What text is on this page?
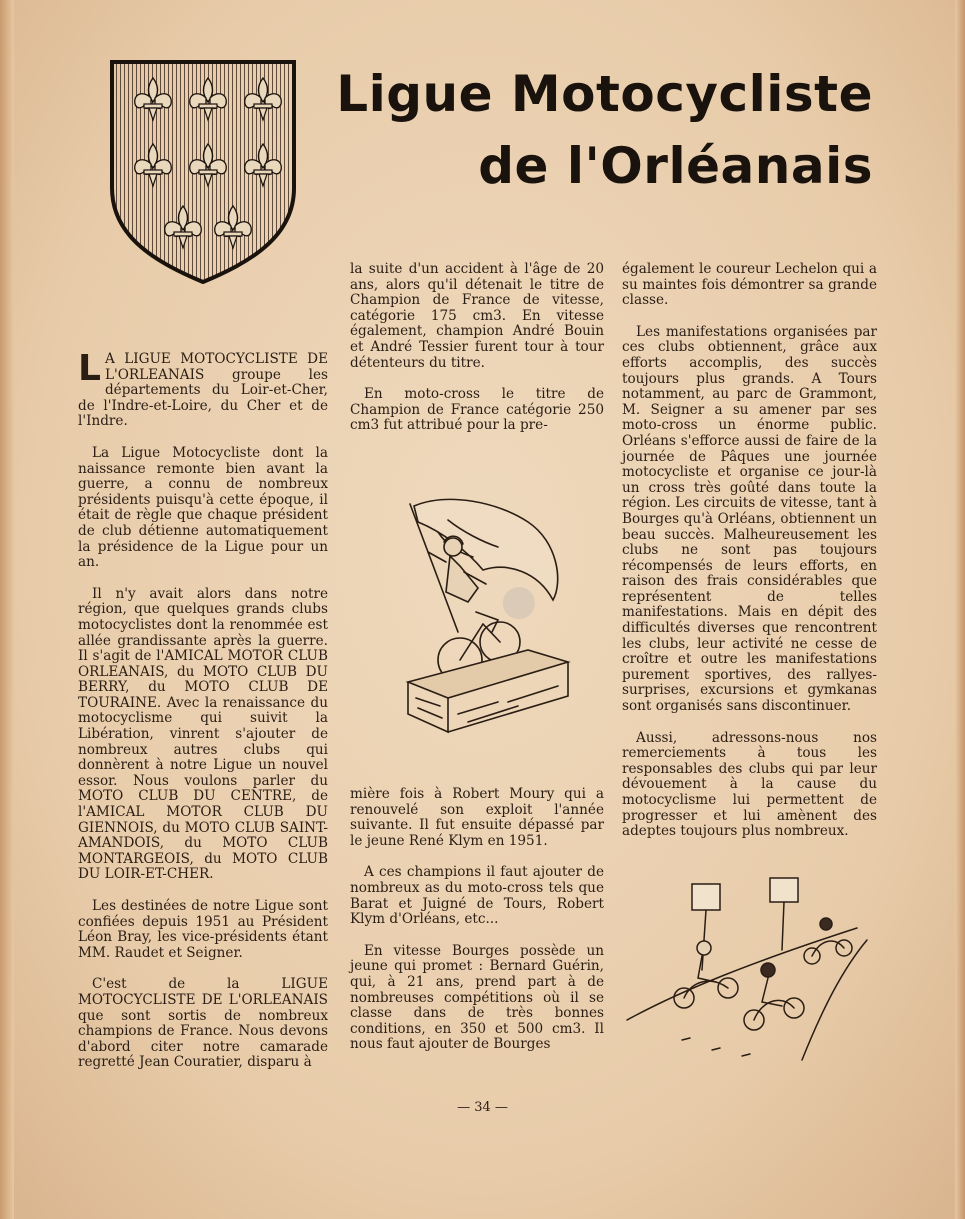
Ligue Motocycliste
de l'Orléanais

L A LIGUE MOTOCYCLISTE DE L'ORLEANAIS groupe les départements du Loir-et-Cher, de l'Indre-et-Loire, du Cher et de l'Indre.

La Ligue Motocycliste dont la naissance remonte bien avant la guerre, a connu de nombreux présidents puisqu'à cette époque, il était de règle que chaque président de club détienne automatiquement la présidence de la Ligue pour un an.

Il n'y avait alors dans notre région, que quelques grands clubs motocyclistes dont la renommée est allée grandissante après la guerre. Il s'agit de l'AMICAL MOTOR CLUB ORLEANAIS, du MOTO CLUB DU BERRY, du MOTO CLUB DE TOURAINE. Avec la renaissance du motocyclisme qui suivit la Libération, vinrent s'ajouter de nombreux autres clubs qui donnèrent à notre Ligue un nouvel essor. Nous voulons parler du MOTO CLUB DU CENTRE, de l'AMICAL MOTOR CLUB DU GIENNOIS, du MOTO CLUB SAINT-AMANDOIS, du MOTO CLUB MONTARGEOIS, du MOTO CLUB DU LOIR-ET-CHER.

Les destinées de notre Ligue sont confiées depuis 1951 au Président Léon Bray, les vice-présidents étant MM. Raudet et Seigner.

C'est de la LIGUE MOTOCYCLISTE DE L'ORLEANAIS que sont sortis de nombreux champions de France. Nous devons d'abord citer notre camarade regretté Jean Couratier, disparu à

la suite d'un accident à l'âge de 20 ans, alors qu'il détenait le titre de Champion de France de vitesse, catégorie 175 cm3. En vitesse également, champion André Bouin et André Tessier furent tour à tour détenteurs du titre.

En moto-cross le titre de Champion de France catégorie 250 cm3 fut attribué pour la pre-

●

mière fois à Robert Moury qui a renouvelé son exploit l'année suivante. Il fut ensuite dépassé par le jeune René Klym en 1951.

A ces champions il faut ajouter de nombreux as du moto-cross tels que Barat et Juigné de Tours, Robert Klym d'Orléans, etc...

En vitesse Bourges possède un jeune qui promet : Bernard Guérin, qui, à 21 ans, prend part à de nombreuses compétitions où il se classe dans de très bonnes conditions, en 350 et 500 cm3. Il nous faut ajouter de Bourges

également le coureur Lechelon qui a su maintes fois démontrer sa grande classe.

Les manifestations organisées par ces clubs obtiennent, grâce aux efforts accomplis, des succès toujours plus grands. A Tours notamment, au parc de Grammont, M. Seigner a su amener par ses moto-cross un énorme public. Orléans s'efforce aussi de faire de la journée de Pâques une journée motocycliste et organise ce jour-là un cross très goûté dans toute la région. Les circuits de vitesse, tant à Bourges qu'à Orléans, obtiennent un beau succès. Malheureusement les clubs ne sont pas toujours récompensés de leurs efforts, en raison des frais considérables que représentent de telles manifestations. Mais en dépit des difficultés diverses que rencontrent les clubs, leur activité ne cesse de croître et outre les manifestations purement sportives, des rallyes-surprises, excursions et gymkanas sont organisés sans discontinuer.

Aussi, adressons-nous nos remerciements à tous les responsables des clubs qui par leur dévouement à la cause du motocyclisme lui permettent de progresser et lui amènent des adeptes toujours plus nombreux.

— 34 —
